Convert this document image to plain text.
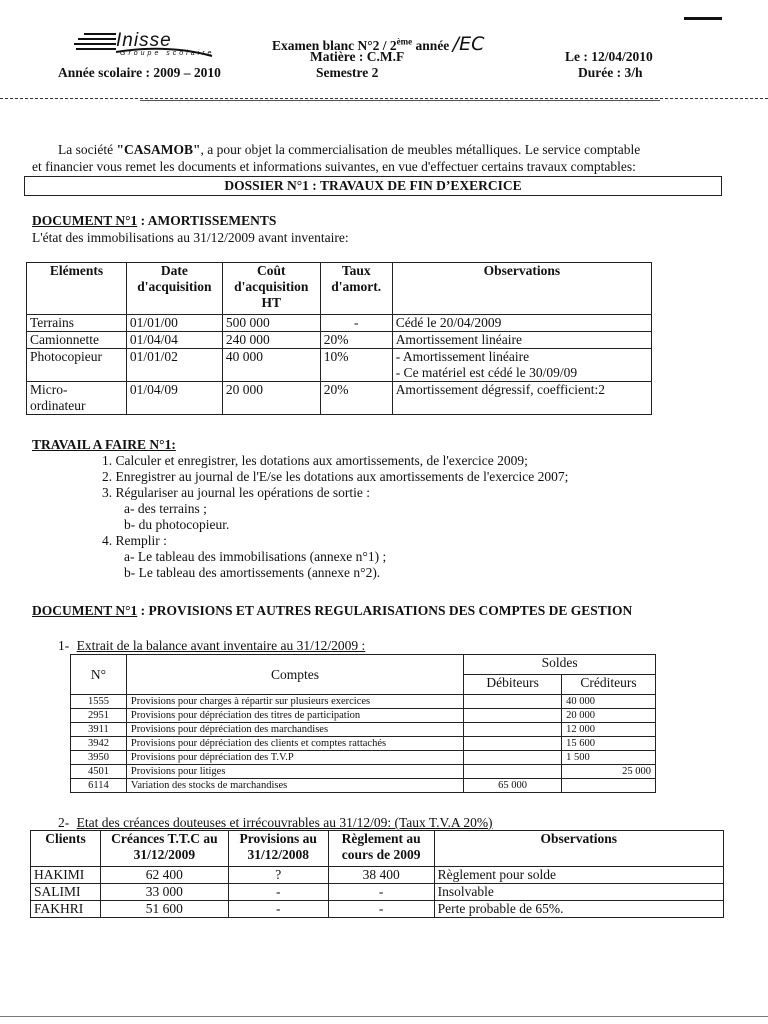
Inisse
Groupe scolaire
Année scolaire : 2009 – 2010
Examen blanc N°2 / 2ème année /EC
Matière : C.M.F
Semestre 2
Le : 12/04/2010
Durée : 3/h
La société "CASAMOB", a pour objet la commercialisation de meubles métalliques. Le service comptable
et financier vous remet les documents et informations suivantes, en vue d'effectuer certains travaux comptables:
DOSSIER N°1 : TRAVAUX DE FIN D’EXERCICE
DOCUMENT N°1 : AMORTISSEMENTS
L'état des immobilisations au 31/12/2009 avant inventaire:
Eléments	Date d'acquisition	Coût d'acquisition HT	Taux d'amort.	Observations
Terrains	01/01/00	500 000	-	Cédé le 20/04/2009
Camionnette	01/04/04	240 000	20%	Amortissement linéaire
Photocopieur	01/01/02	40 000	10%	- Amortissement linéaire
- Ce matériel est cédé le 30/09/09
Micro-
ordinateur	01/04/09	20 000	20%	Amortissement dégressif, coefficient:2
TRAVAIL A FAIRE N°1:
1. Calculer et enregistrer, les dotations aux amortissements, de l'exercice 2009;
2. Enregistrer au journal de l'E/se les dotations aux amortissements de l'exercice 2007;
3. Régulariser au journal les opérations de sortie :
a- des terrains ;
b- du photocopieur.
4. Remplir :
a- Le tableau des immobilisations (annexe n°1) ;
b- Le tableau des amortissements (annexe n°2).
DOCUMENT N°1 : PROVISIONS ET AUTRES REGULARISATIONS DES COMPTES DE GESTION
1- Extrait de la balance avant inventaire au 31/12/2009 :
N°	Comptes	Soldes	
		Débiteurs	Créditeurs
1555	Provisions pour charges à répartir sur plusieurs exercices		40 000
2951	Provisions pour dépréciation des titres de participation		20 000
3911	Provisions pour dépréciation des marchandises		12 000
3942	Provisions pour dépréciation des clients et comptes rattachés		15 600
3950	Provisions pour dépréciation des T.V.P		1 500
4501	Provisions pour litiges		25 000
6114	Variation des stocks de marchandises	65 000	
2- Etat des créances douteuses et irrécouvrables au 31/12/09: (Taux T.V.A 20%)
Clients	Créances T.T.C au 31/12/2009	Provisions au 31/12/2008	Règlement au cours de 2009	Observations
HAKIMI	62 400	?	38 400	Règlement pour solde
SALIMI	33 000	-	-	Insolvable
FAKHRI	51 600	-	-	Perte probable de 65%.
